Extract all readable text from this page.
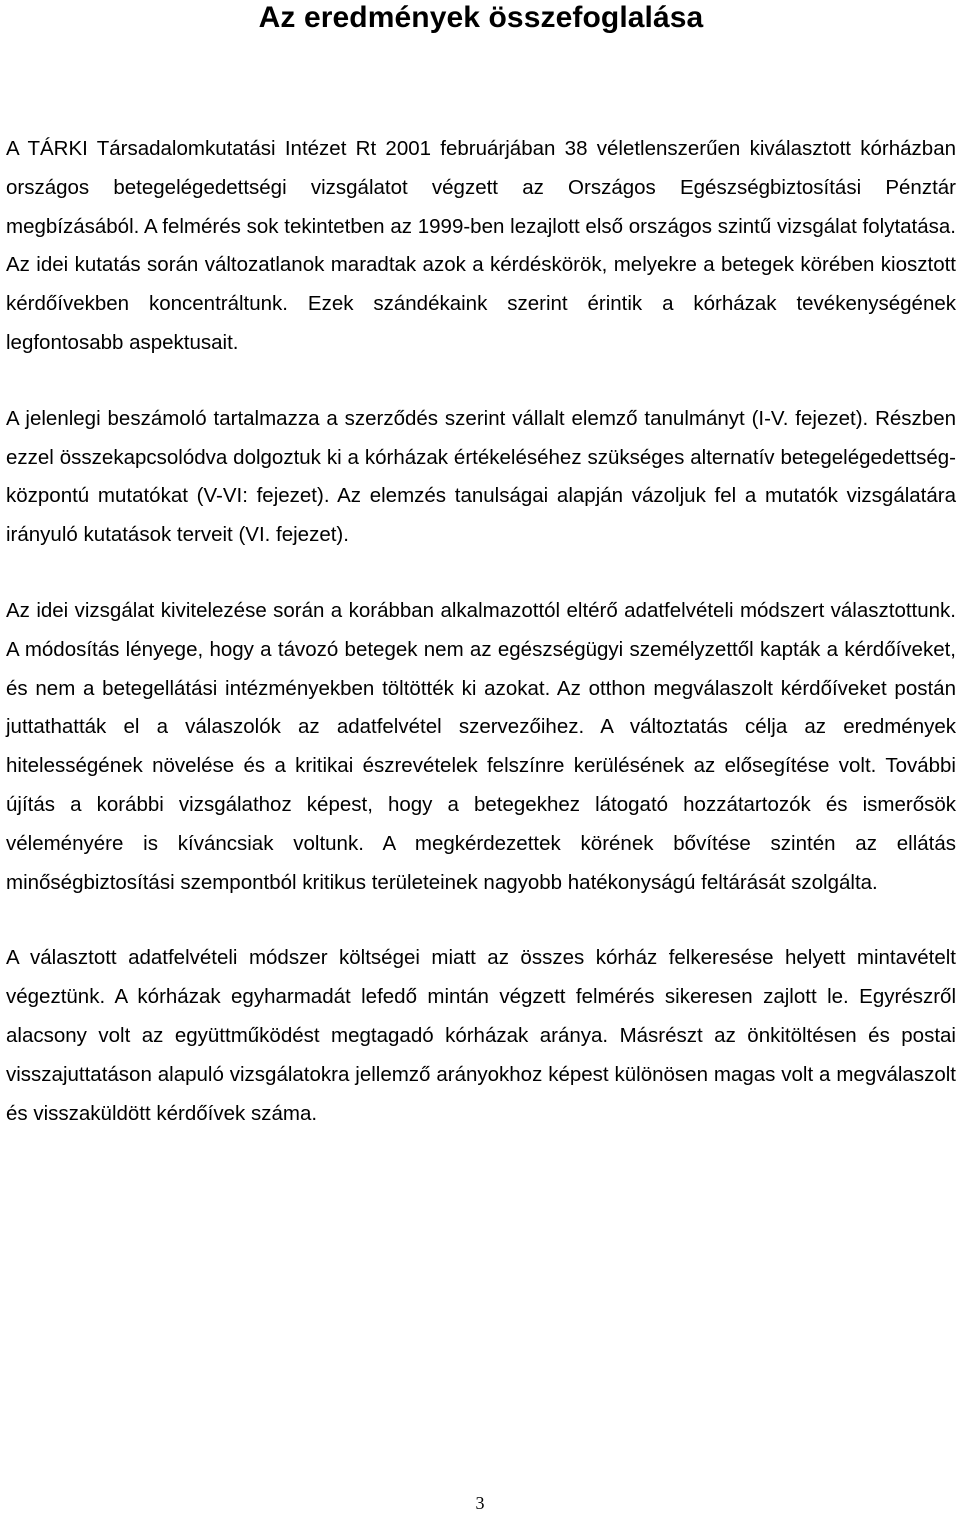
Az eredmények összefoglalása

A TÁRKI Társadalomkutatási Intézet Rt 2001 februárjában 38 véletlenszerűen kiválasztott kórházban országos betegelégedettségi vizsgálatot végzett az Országos Egészségbiztosítási Pénztár megbízásából. A felmérés sok tekintetben az 1999-ben lezajlott első országos szintű vizsgálat folytatása. Az idei kutatás során változatlanok maradtak azok a kérdéskörök, melyekre a betegek körében kiosztott kérdőívekben koncentráltunk. Ezek szándékaink szerint érintik a kórházak tevékenységének legfontosabb aspektusait.

A jelenlegi beszámoló tartalmazza a szerződés szerint vállalt elemző tanulmányt (I-V. fejezet). Részben ezzel összekapcsolódva dolgoztuk ki a kórházak értékeléséhez szükséges alternatív betegelégedettség-központú mutatókat (V-VI: fejezet). Az elemzés tanulságai alapján vázoljuk fel a mutatók vizsgálatára irányuló kutatások terveit (VI. fejezet).

Az idei vizsgálat kivitelezése során a korábban alkalmazottól eltérő adatfelvételi módszert választottunk. A módosítás lényege, hogy a távozó betegek nem az egészségügyi személyzettől kapták a kérdőíveket, és nem a betegellátási intézményekben töltötték ki azokat. Az otthon megválaszolt kérdőíveket postán juttathatták el a válaszolók az adatfelvétel szervezőihez. A változtatás célja az eredmények hitelességének növelése és a kritikai észrevételek felszínre kerülésének az elősegítése volt. További újítás a korábbi vizsgálathoz képest, hogy a betegekhez látogató hozzátartozók és ismerősök véleményére is kíváncsiak voltunk. A megkérdezettek körének bővítése szintén az ellátás minőségbiztosítási szempontból kritikus területeinek nagyobb hatékonyságú feltárását szolgálta.

A választott adatfelvételi módszer költségei miatt az összes kórház felkeresése helyett mintavételt végeztünk. A kórházak egyharmadát lefedő mintán végzett felmérés sikeresen zajlott le. Egyrészről alacsony volt az együttműködést megtagadó kórházak aránya. Másrészt az önkitöltésen és postai visszajuttatáson alapuló vizsgálatokra jellemző arányokhoz képest különösen magas volt a megválaszolt és visszaküldött kérdőívek száma.

3
